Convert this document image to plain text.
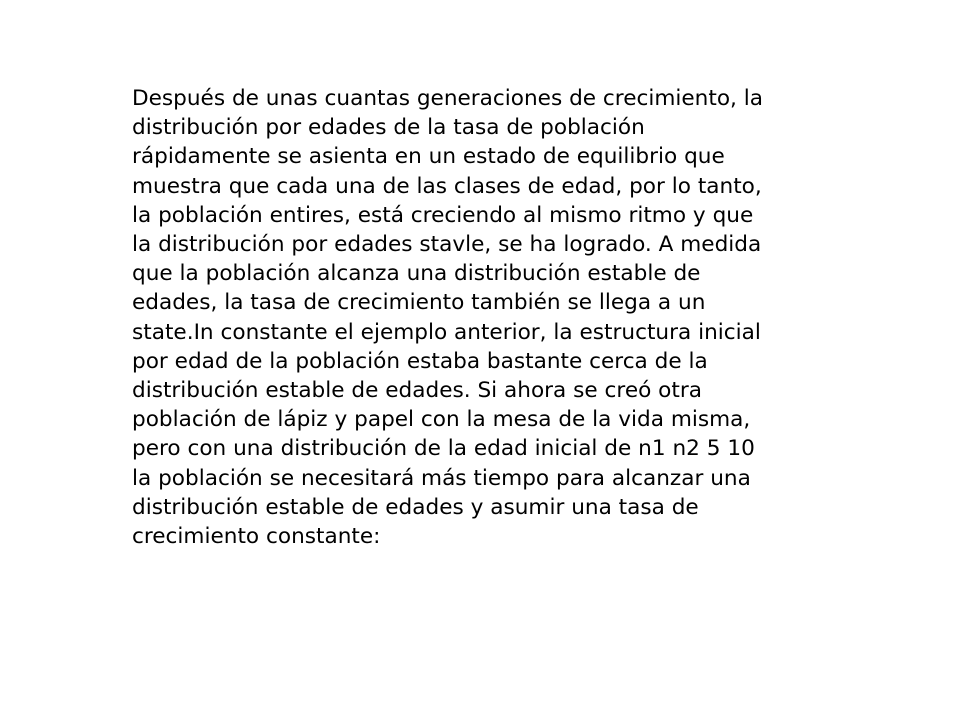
Después de unas cuantas generaciones de crecimiento, la
distribución por edades de la tasa de población
rápidamente se asienta en un estado de equilibrio que
muestra que cada una de las clases de edad, por lo tanto,
la población entires, está creciendo al mismo ritmo y que
la distribución por edades stavle, se ha logrado. A medida
que la población alcanza una distribución estable de
edades, la tasa de crecimiento también se llega a un
state.In constante el ejemplo anterior, la estructura inicial
por edad de la población estaba bastante cerca de la
distribución estable de edades. Si ahora se creó otra
población de lápiz y papel con la mesa de la vida misma,
pero con una distribución de la edad inicial de n1 n2 5 10
la población se necesitará más tiempo para alcanzar una
distribución estable de edades y asumir una tasa de
crecimiento constante:
